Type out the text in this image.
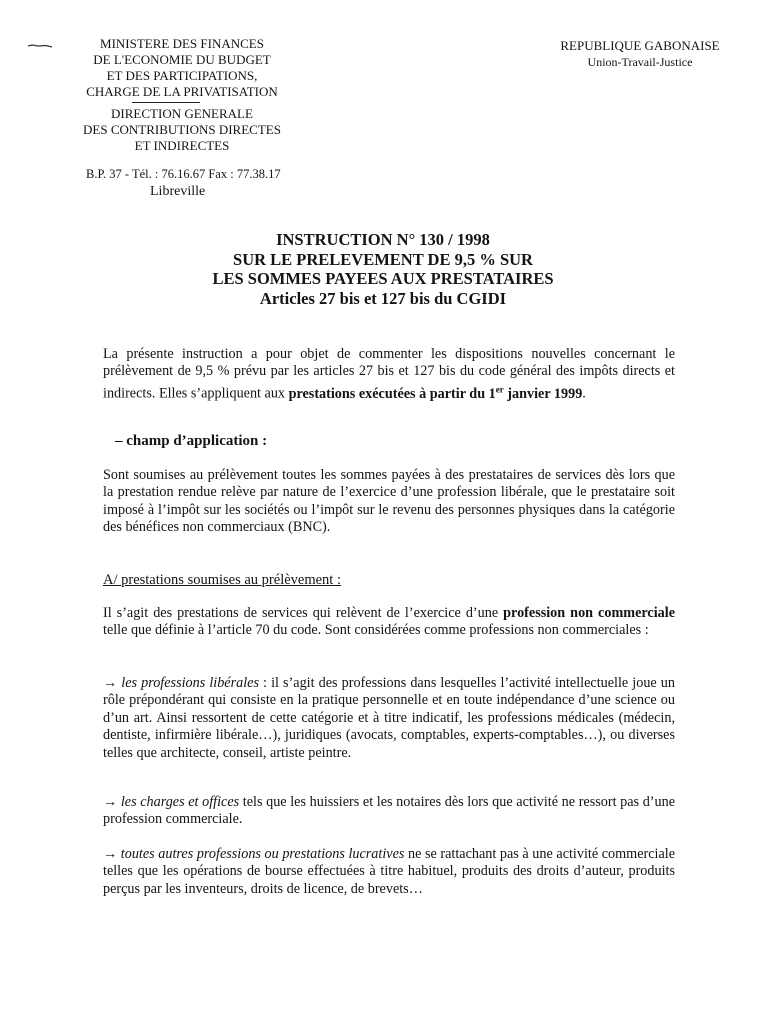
MINISTERE DES FINANCES
DE L'ECONOMIE DU BUDGET
ET DES PARTICIPATIONS,
CHARGE DE LA PRIVATISATION
DIRECTION GENERALE
DES CONTRIBUTIONS DIRECTES
ET INDIRECTES
B.P. 37 - Tél. : 76.16.67 Fax : 77.38.17
Libreville
REPUBLIQUE GABONAISE
Union-Travail-Justice
INSTRUCTION N° 130 / 1998
SUR LE PRELEVEMENT DE 9,5 % SUR
LES SOMMES PAYEES AUX PRESTATAIRES
Articles 27 bis et 127 bis du CGIDI
La présente instruction a pour objet de commenter les dispositions nouvelles concernant le prélèvement de 9,5 % prévu par les articles 27 bis et 127 bis du code général des impôts directs et indirects. Elles s’appliquent aux prestations exécutées à partir du 1er janvier 1999.
– champ d’application :
Sont soumises au prélèvement toutes les sommes payées à des prestataires de services dès lors que la prestation rendue relève par nature de l’exercice d’une profession libérale, que le prestataire soit imposé à l’impôt sur les sociétés ou l’impôt sur le revenu des personnes physiques dans la catégorie des bénéfices non commerciaux (BNC).
A/ prestations soumises au prélèvement :
Il s’agit des prestations de services qui relèvent de l’exercice d’une profession non commerciale telle que définie à l’article 70 du code. Sont considérées comme professions non commerciales :
→ les professions libérales : il s’agit des professions dans lesquelles l’activité intellectuelle joue un rôle prépondérant qui consiste en la pratique personnelle et en toute indépendance d’une science ou d’un art. Ainsi ressortent de cette catégorie et à titre indicatif, les professions médicales (médecin, dentiste, infirmière libérale…), juridiques (avocats, comptables, experts-comptables…), ou diverses telles que architecte, conseil, artiste peintre.
→ les charges et offices tels que les huissiers et les notaires dès lors que activité ne ressort pas d’une profession commerciale.
→ toutes autres professions ou prestations lucratives ne se rattachant pas à une activité commerciale telles que les opérations de bourse effectuées à titre habituel, produits des droits d’auteur, produits perçus par les inventeurs, droits de licence, de brevets…
